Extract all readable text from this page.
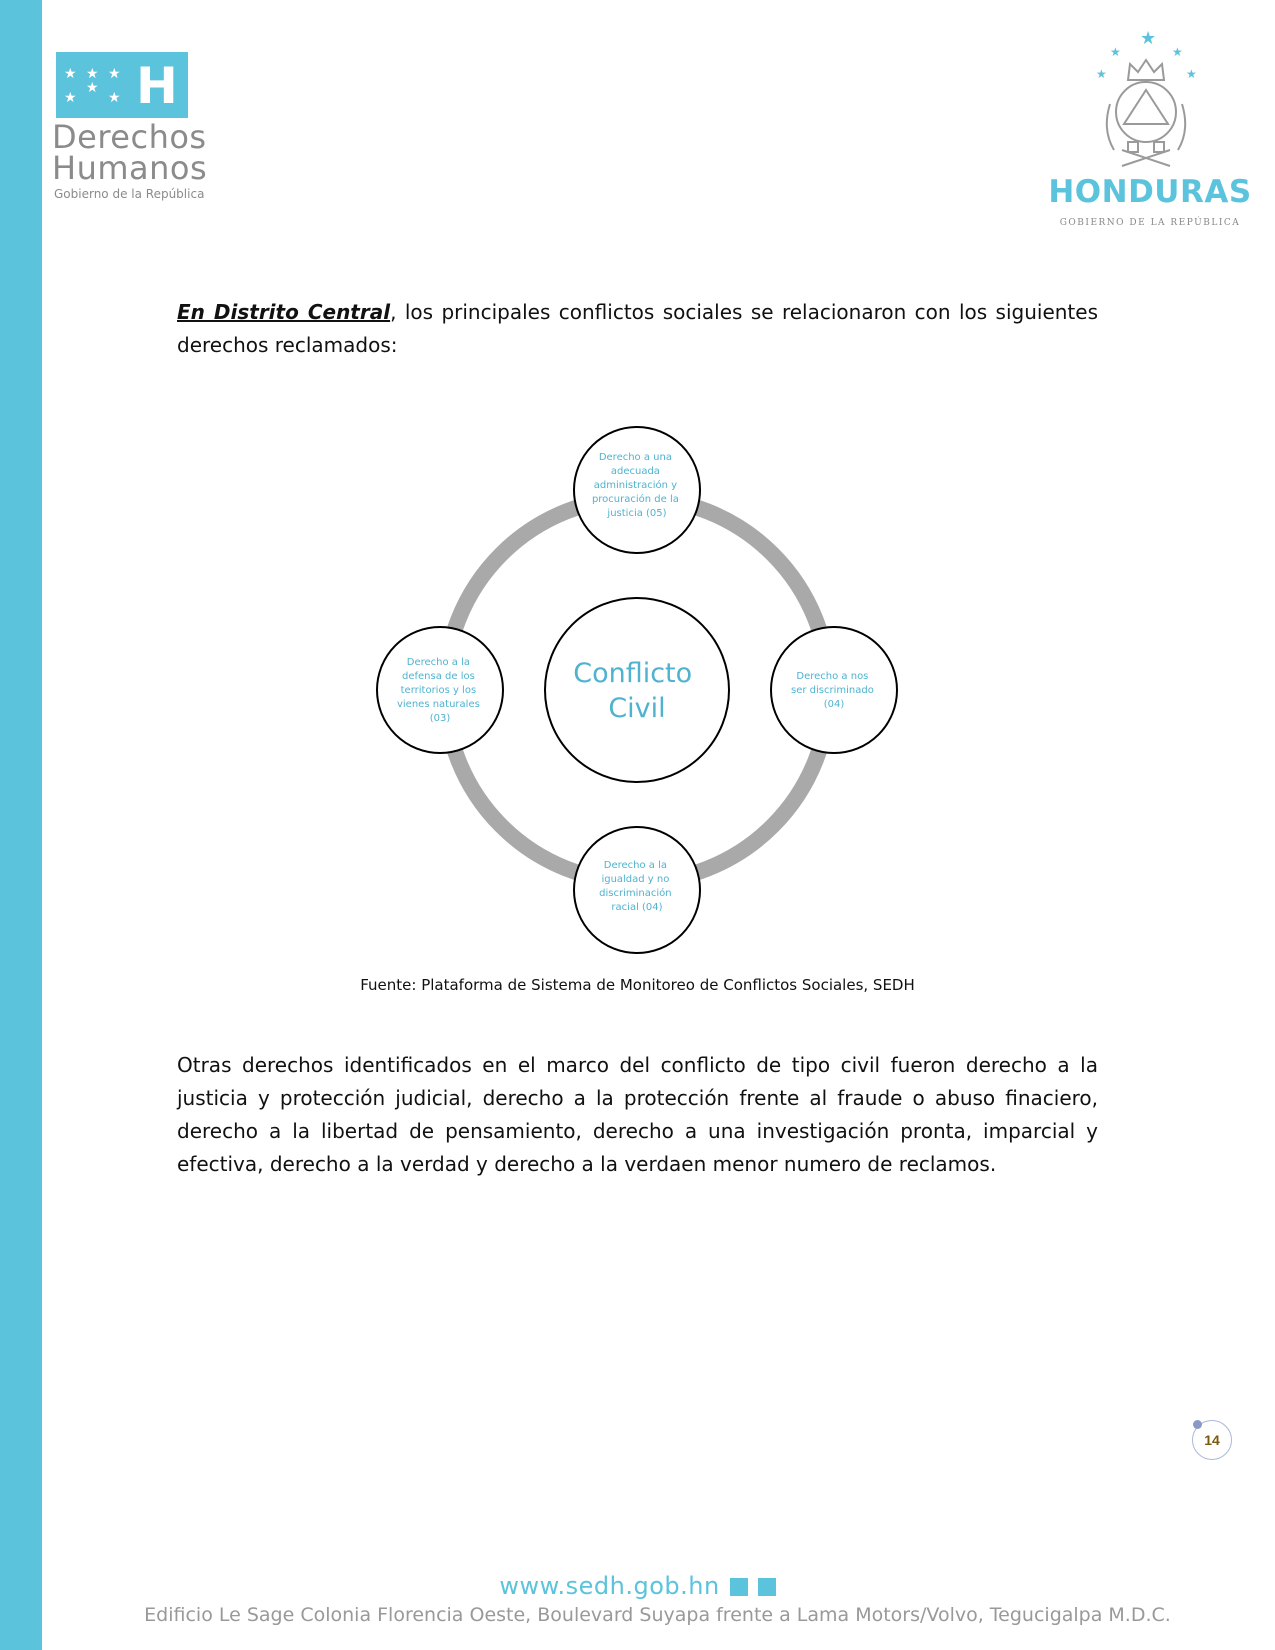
★ ★ ★
★
★
★ H
Derechos
Humanos
Gobierno de la República
★
★	★
★	★
HONDURAS
GOBIERNO DE LA REPÚBLICA

En Distrito Central, los principales conflictos sociales se relacionaron con los siguientes derechos reclamados:

Conflicto Civil
Derecho a una adecuada administración y procuración de la justicia (05)
Derecho a nos ser discriminado (04)
Derecho a la igualdad y no discriminación racial (04)
Derecho a la defensa de los territorios y los vienes naturales (03)

Fuente: Plataforma de Sistema de Monitoreo de Conflictos Sociales, SEDH

Otras derechos identificados en el marco del conflicto de tipo civil fueron derecho a la justicia y protección judicial, derecho a la protección frente al fraude o abuso finaciero, derecho a la libertad de pensamiento, derecho a una investigación pronta, imparcial y efectiva, derecho a la verdad y derecho a la verdaen menor numero de reclamos.

14
www.sedh.gob.hn
Edificio Le Sage Colonia Florencia Oeste, Boulevard Suyapa frente a Lama Motors/Volvo, Tegucigalpa M.D.C.
